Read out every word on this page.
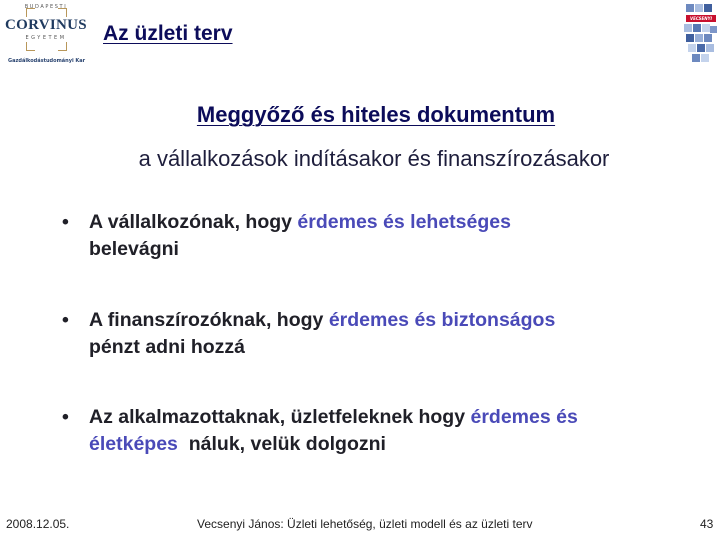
BUDAPESTI
CORVINUS
EGYETEM
Gazdálkodástudományi Kar
Az üzleti terv
VECSENYI
Meggyőző és hiteles dokumentum
a vállalkozások indításakor és finanszírozásakor
• A vállalkozónak, hogy érdemes és lehetséges
belevágni
• A finanszírozóknak, hogy érdemes és biztonságos
pénzt adni hozzá
• Az alkalmazottaknak, üzletfeleknek hogy érdemes és
életképes  náluk, velük dolgozni
2008.12.05.	Vecsenyi János: Üzleti lehetőség, üzleti modell és az üzleti terv	43
